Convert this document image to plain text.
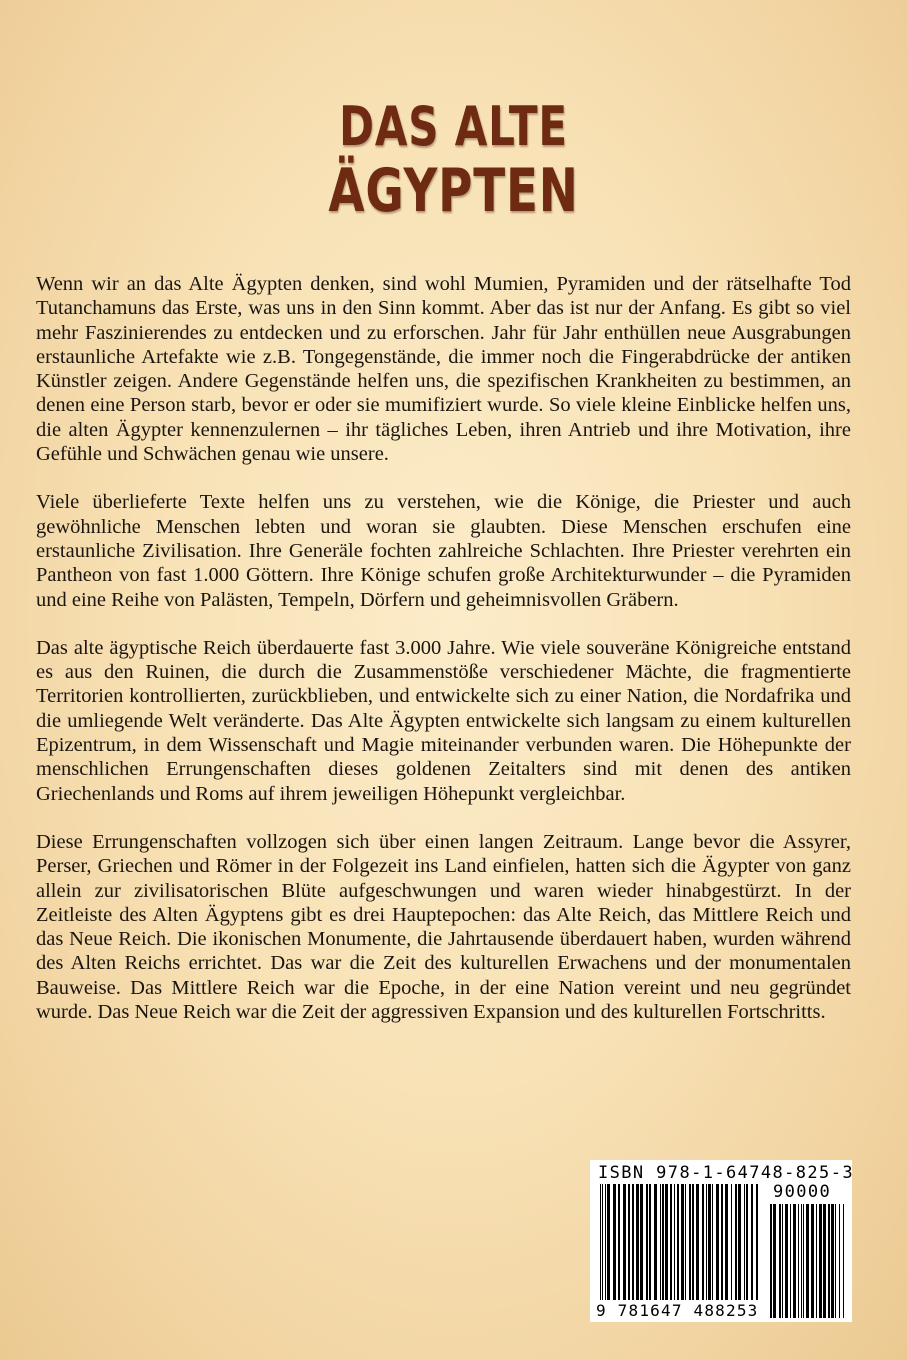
DAS ALTE
ÄGYPTEN

Wenn wir an das Alte Ägypten denken, sind wohl Mumien, Pyramiden und der rätselhafte Tod Tutanchamuns das Erste, was uns in den Sinn kommt. Aber das ist nur der Anfang. Es gibt so viel mehr Faszinierendes zu entdecken und zu erforschen. Jahr für Jahr enthüllen neue Ausgrabungen erstaunliche Artefakte wie z.B. Tongegenstände, die immer noch die Fingerabdrücke der antiken Künstler zeigen. Andere Gegenstände helfen uns, die spezifischen Krankheiten zu bestimmen, an denen eine Person starb, bevor er oder sie mumifiziert wurde. So viele kleine Einblicke helfen uns, die alten Ägypter kennenzulernen – ihr tägliches Leben, ihren Antrieb und ihre Motivation, ihre Gefühle und Schwächen genau wie unsere.

Viele überlieferte Texte helfen uns zu verstehen, wie die Könige, die Priester und auch gewöhnliche Menschen lebten und woran sie glaubten. Diese Menschen erschufen eine erstaunliche Zivilisation. Ihre Generäle fochten zahlreiche Schlachten. Ihre Priester verehrten ein Pantheon von fast 1.000 Göttern. Ihre Könige schufen große Architekturwunder – die Pyramiden und eine Reihe von Palästen, Tempeln, Dörfern und geheimnisvollen Gräbern.

Das alte ägyptische Reich überdauerte fast 3.000 Jahre. Wie viele souveräne Königreiche entstand es aus den Ruinen, die durch die Zusammenstöße verschiedener Mächte, die fragmentierte Territorien kontrollierten, zurückblieben, und entwickelte sich zu einer Nation, die Nordafrika und die umliegende Welt veränderte. Das Alte Ägypten entwickelte sich langsam zu einem kulturellen Epizentrum, in dem Wissenschaft und Magie miteinander verbunden waren. Die Höhepunkte der menschlichen Errungenschaften dieses goldenen Zeitalters sind mit denen des antiken Griechenlands und Roms auf ihrem jeweiligen Höhepunkt vergleichbar.

Diese Errungenschaften vollzogen sich über einen langen Zeitraum. Lange bevor die Assyrer, Perser, Griechen und Römer in der Folgezeit ins Land einfielen, hatten sich die Ägypter von ganz allein zur zivilisatorischen Blüte aufgeschwungen und waren wieder hinabgestürzt. In der Zeitleiste des Alten Ägyptens gibt es drei Hauptepochen: das Alte Reich, das Mittlere Reich und das Neue Reich. Die ikonischen Monumente, die Jahrtausende überdauert haben, wurden während des Alten Reichs errichtet. Das war die Zeit des kulturellen Erwachens und der monumentalen Bauweise. Das Mittlere Reich war die Epoche, in der eine Nation vereint und neu gegründet wurde. Das Neue Reich war die Zeit der aggressiven Expansion und des kulturellen Fortschritts.

ISBN 978-1-64748-825-3
90000
9 781647 488253
